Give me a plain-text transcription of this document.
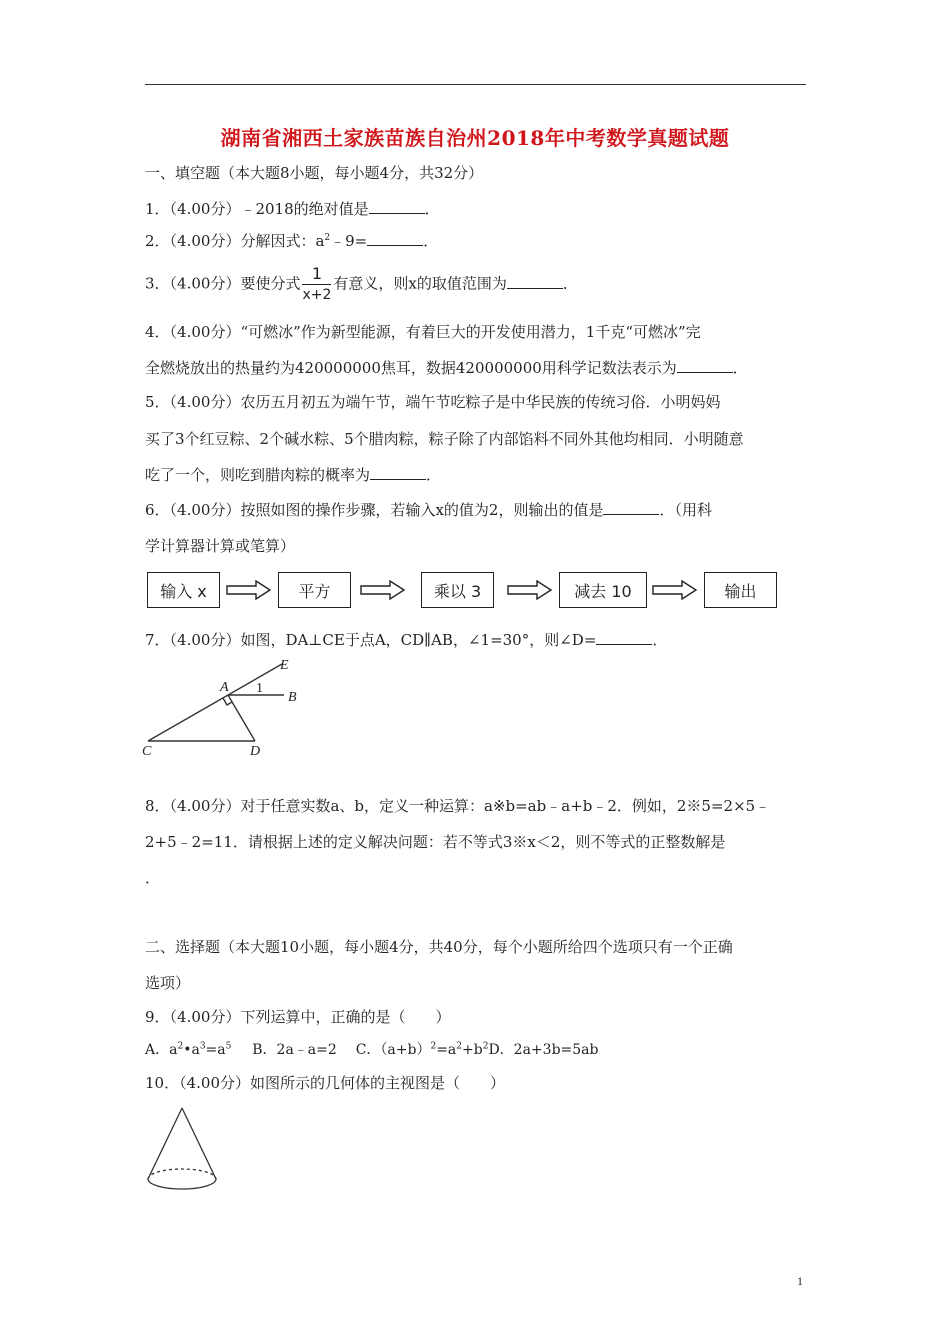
湖南省湘西土家族苗族自治州2018年中考数学真题试题
一、填空题（本大题8小题，每小题4分，共32分）
1．（4.00分）﹣2018的绝对值是	．
2．（4.00分）分解因式：$a^2﹣9=$	．
3．（4.00分）要使分式 $\frac{1}{x+2}$ 有意义，则x的取值范围为	．
4．（4.00分）“可燃冰”作为新型能源，有着巨大的开发使用潜力，1千克“可燃冰”完
全燃烧放出的热量约为420000000焦耳，数据420000000用科学记数法表示为	．
5．（4.00分）农历五月初五为端午节，端午节吃粽子是中华民族的传统习俗．小明妈妈
买了3个红豆粽、2个碱水粽、5个腊肉粽，粽子除了内部馅料不同外其他均相同．小明随意
吃了一个，则吃到腊肉粽的概率为	．
6．（4.00分）按照如图的操作步骤，若输入x的值为2，则输出的值是	．（用科
学计算器计算或笔算）
输入 x	平方	乘以 3	减去 10	输出
7．（4.00分）如图，DA⊥CE于点A，CD∥AB，∠1=30°，则∠D=	．
E
A
B
C	D
1
8．（4.00分）对于任意实数a、b，定义一种运算：a※b=ab﹣a+b﹣2．例如，2※5=2×5﹣
2+5﹣2=11．请根据上述的定义解决问题：若不等式3※x＜2，则不等式的正整数解是
．
二、选择题（本大题10小题，每小题4分，共40分，每个小题所给四个选项只有一个正确
选项）
9．（4.00分）下列运算中，正确的是（　　）
A．$a^2•a^3=a^5$ B．2a﹣a=2 C．$(a+b)^2=a^2+b^2D$．2a+3b=5ab
10．（4.00分）如图所示的几何体的主视图是（　　）
1
